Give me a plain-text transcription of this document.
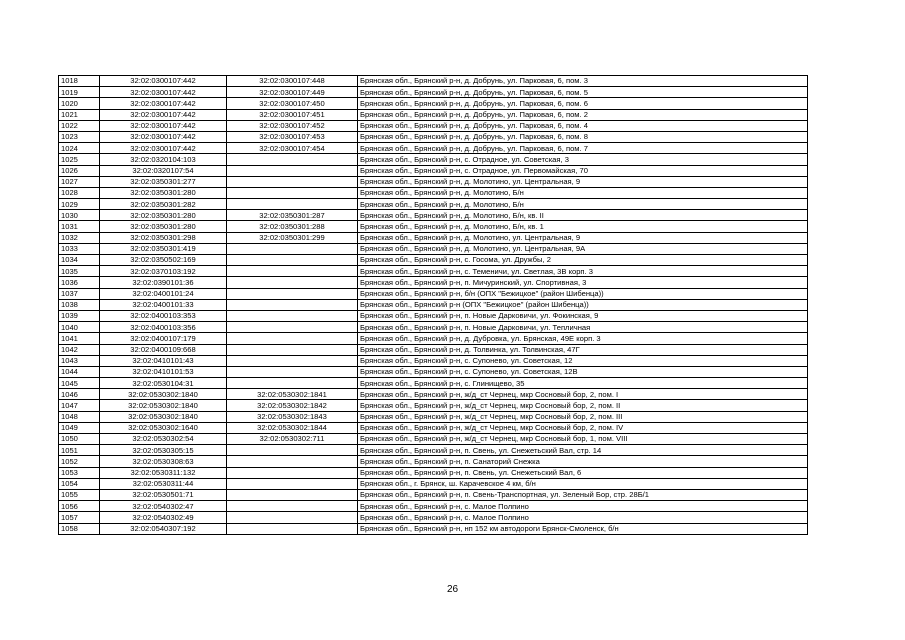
1018	32:02:0300107:442	32:02:0300107:448	Брянская обл., Брянский р-н, д. Добрунь, ул. Парковая, 6, пом. 3
1019	32:02:0300107:442	32:02:0300107:449	Брянская обл., Брянский р-н, д. Добрунь, ул. Парковая, 6, пом. 5
1020	32:02:0300107:442	32:02:0300107:450	Брянская обл., Брянский р-н, д. Добрунь, ул. Парковая, 6, пом. 6
1021	32:02:0300107:442	32:02:0300107:451	Брянская обл., Брянский р-н, д. Добрунь, ул. Парковая, 6, пом. 2
1022	32:02:0300107:442	32:02:0300107:452	Брянская обл., Брянский р-н, д. Добрунь, ул. Парковая, 6, пом. 4
1023	32:02:0300107:442	32:02:0300107:453	Брянская обл., Брянский р-н, д. Добрунь, ул. Парковая, 6, пом. 8
1024	32:02:0300107:442	32:02:0300107:454	Брянская обл., Брянский р-н, д. Добрунь, ул. Парковая, 6, пом. 7
1025	32:02:0320104:103		Брянская обл., Брянский р-н, с. Отрадное, ул. Советская, 3
1026	32:02:0320107:54		Брянская обл., Брянский р-н, с. Отрадное, ул. Первомайская, 70
1027	32:02:0350301:277		Брянская обл., Брянский р-н, д. Молотино, ул. Центральная, 9
1028	32:02:0350301:280		Брянская обл., Брянский р-н, д. Молотино, Б/н
1029	32:02:0350301:282		Брянская обл., Брянский р-н, д. Молотино, Б/н
1030	32:02:0350301:280	32:02:0350301:287	Брянская обл., Брянский р-н, д. Молотино, Б/н, кв. II
1031	32:02:0350301:280	32:02:0350301:288	Брянская обл., Брянский р-н, д. Молотино, Б/н, кв. 1
1032	32:02:0350301:298	32:02:0350301:299	Брянская обл., Брянский р-н, д. Молотино, ул. Центральная, 9
1033	32:02:0350301:419		Брянская обл., Брянский р-н, д. Молотино, ул. Центральная, 9А
1034	32:02:0350502:169		Брянская обл., Брянский р-н, с. Госома, ул. Дружбы, 2
1035	32:02:0370103:192		Брянская обл., Брянский р-н, с. Теменичи, ул. Светлая, 3В корп. 3
1036	32:02:0390101:36		Брянская обл., Брянский р-н, п. Мичуринский, ул. Спортивная, 3
1037	32:02:0400101:24		Брянская обл., Брянский р-н, б/н (ОПХ "Бежицкое" (район Шибенца))
1038	32:02:0400101:33		Брянская обл., Брянский р-н (ОПХ "Бежицкое" (район Шибенца))
1039	32:02:0400103:353		Брянская обл., Брянский р-н, п. Новые Дарковичи, ул. Фокинская, 9
1040	32:02:0400103:356		Брянская обл., Брянский р-н, п. Новые Дарковичи, ул. Тепличная
1041	32:02:0400107:179		Брянская обл., Брянский р-н, д. Дубровка, ул. Брянская, 49Е корп. 3
1042	32:02:0400109:668		Брянская обл., Брянский р-н, д. Толвинка, ул. Толвинская, 47Г
1043	32:02:0410101:43		Брянская обл., Брянский р-н, с. Супонево, ул. Советская, 12
1044	32:02:0410101:53		Брянская обл., Брянский р-н, с. Супонево, ул. Советская, 12В
1045	32:02:0530104:31		Брянская обл., Брянский р-н, с. Глинищево, 35
1046	32:02:0530302:1840	32:02:0530302:1841	Брянская обл., Брянский р-н, ж/д_ст Чернец, мкр Сосновый бор, 2, пом. I
1047	32:02:0530302:1840	32:02:0530302:1842	Брянская обл., Брянский р-н, ж/д_ст Чернец, мкр Сосновый бор, 2, пом. II
1048	32:02:0530302:1840	32:02:0530302:1843	Брянская обл., Брянский р-н, ж/д_ст Чернец, мкр Сосновый бор, 2, пом. III
1049	32:02:0530302:1640	32:02:0530302:1844	Брянская обл., Брянский р-н, ж/д_ст Чернец, мкр Сосновый бор, 2, пом. IV
1050	32:02:0530302:54	32:02:0530302:711	Брянская обл., Брянский р-н, ж/д_ст Чернец, мкр Сосновый бор, 1, пом. VIII
1051	32:02:0530305:15		Брянская обл., Брянский р-н, п. Свень, ул. Снежетьский Вал, стр. 14
1052	32:02:0530308:63		Брянская обл., Брянский р-н, п. Санаторий Снежка
1053	32:02:0530311:132		Брянская обл., Брянский р-н, п. Свень, ул. Снежетьский Вал, 6
1054	32:02:0530311:44		Брянская обл., г. Брянск, ш. Карачевское 4 км, б/н
1055	32:02:0530501:71		Брянская обл., Брянский р-н, п. Свень-Транспортная, ул. Зеленый Бор, стр. 28Б/1
1056	32:02:0540302:47		Брянская обл., Брянский р-н, с. Малое Полпино
1057	32:02:0540302:49		Брянская обл., Брянский р-н, с. Малое Полпино
1058	32:02:0540307:192		Брянская обл., Брянский р-н, нп 152 км автодороги Брянск-Смоленск, б/н
26
